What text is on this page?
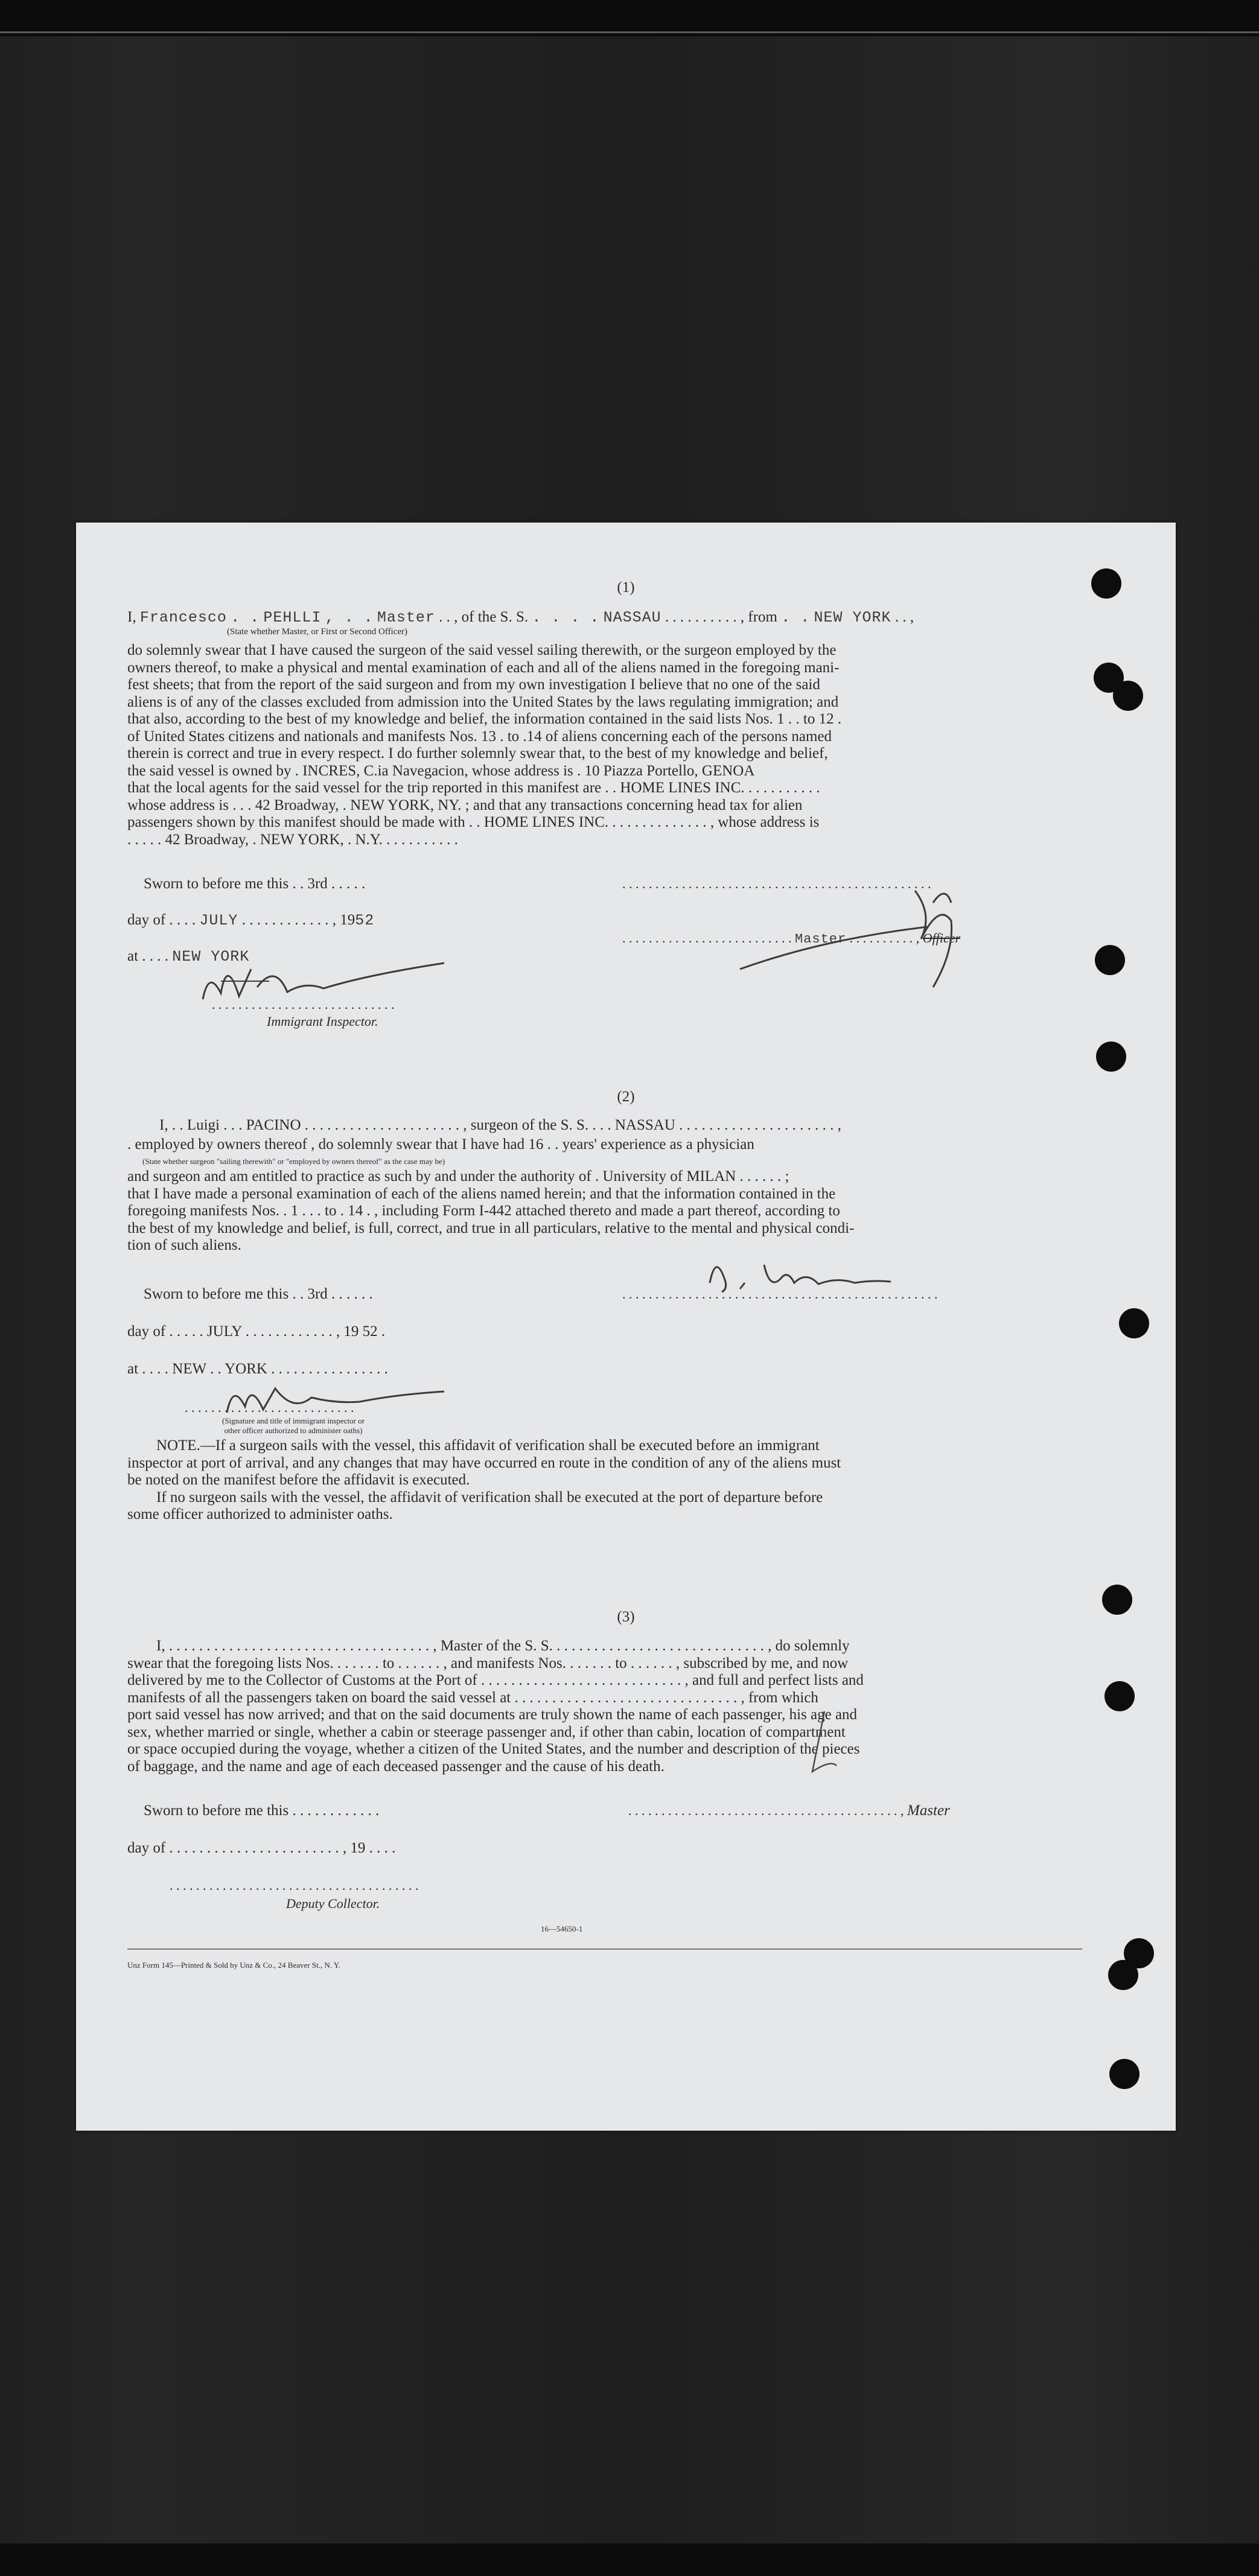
(1)
I, Francesco . . PEHLLI , . . Master . . , of the S. S. . . . . NASSAU . . . . . . . . . . , from . . NEW YORK . . ,
(State whether Master, or First or Second Officer)
do solemnly swear that I have caused the surgeon of the said vessel sailing therewith, or the surgeon employed by the
owners thereof, to make a physical and mental examination of each and all of the aliens named in the foregoing mani-
fest sheets; that from the report of the said surgeon and from my own investigation I believe that no one of the said
aliens is of any of the classes excluded from admission into the United States by the laws regulating immigration; and
that also, according to the best of my knowledge and belief, the information contained in the said lists Nos. 1 . . to 12 .
of United States citizens and nationals and manifests Nos. 13 . to .14 of aliens concerning each of the persons named
therein is correct and true in every respect. I do further solemnly swear that, to the best of my knowledge and belief,
the said vessel is owned by . INCRES, C.ia Navegacion, whose address is . 10 Piazza Portello, GENOA
that the local agents for the said vessel for the trip reported in this manifest are . . HOME LINES INC. . . . . . . . . . .
whose address is . . . 42 Broadway, . NEW YORK, NY. ; and that any transactions concerning head tax for alien
passengers shown by this manifest should be made with . . HOME LINES INC. . . . . . . . . . . . . . , whose address is
. . . . . 42 Broadway, . NEW YORK, . N.Y. . . . . . . . . . .
Sworn to before me this . . 3rd . . . . .	. . . . . . . . . . . . . . . . . . . . . . . . . . . . . . . . . . . . . . . . . . . . . . .
day of . . . . JULY . . . . . . . . . . . . , 1952
. . . . . . . . . . . . . . . . . . . . . . . . . . Master . . . . . . . . . . , Officer
at . . . . NEW YORK
. . . . . . . . . . . . . . . . . . . . . . . . . . . .
Immigrant Inspector.
(2)
I, . . Luigi . . . PACINO . . . . . . . . . . . . . . . . . . . . . , surgeon of the S. S. . . . NASSAU . . . . . . . . . . . . . . . . . . . . . ,
. employed by owners thereof , do solemnly swear that I have had 16 . . years' experience as a physician
(State whether surgeon "sailing therewith" or "employed by owners thereof" as the case may be)
and surgeon and am entitled to practice as such by and under the authority of . University of MILAN . . . . . . ;
that I have made a personal examination of each of the aliens named herein; and that the information contained in the
foregoing manifests Nos. . 1 . . . to . 14 . , including Form I-442 attached thereto and made a part thereof, according to
the best of my knowledge and belief, is full, correct, and true in all particulars, relative to the mental and physical condi-
tion of such aliens.
Sworn to before me this . . 3rd . . . . . .	. . . . . . . . . . . . . . . . . . . . . . . . . . . . . . . . . . . . . . . . . . . . . . . .
day of . . . . . JULY . . . . . . . . . . . . , 19 52 .
at . . . . NEW . . YORK . . . . . . . . . . . . . . . .
. . . . . . . . . . . . . . . . . . . . . . . . . .
(Signature and title of immigrant inspector or
other officer authorized to administer oaths)
NOTE.—If a surgeon sails with the vessel, this affidavit of verification shall be executed before an immigrant
inspector at port of arrival, and any changes that may have occurred en route in the condition of any of the aliens must
be noted on the manifest before the affidavit is executed.
If no surgeon sails with the vessel, the affidavit of verification shall be executed at the port of departure before
some officer authorized to administer oaths.
(3)
I, . . . . . . . . . . . . . . . . . . . . . . . . . . . . . . . . . . . , Master of the S. S. . . . . . . . . . . . . . . . . . . . . . . . . . . . . , do solemnly
swear that the foregoing lists Nos. . . . . . . to . . . . . . , and manifests Nos. . . . . . . to . . . . . . , subscribed by me, and now
delivered by me to the Collector of Customs at the Port of . . . . . . . . . . . . . . . . . . . . . . . . . . . , and full and perfect lists and
manifests of all the passengers taken on board the said vessel at . . . . . . . . . . . . . . . . . . . . . . . . . . . . . . , from which
port said vessel has now arrived; and that on the said documents are truly shown the name of each passenger, his age and
sex, whether married or single, whether a cabin or steerage passenger and, if other than cabin, location of compartment
or space occupied during the voyage, whether a citizen of the United States, and the number and description of the pieces
of baggage, and the name and age of each deceased passenger and the cause of his death.
Sworn to before me this . . . . . . . . . . . .	. . . . . . . . . . . . . . . . . . . . . . . . . . . . . . . . . . . . . . . . . , Master
day of . . . . . . . . . . . . . . . . . . . . . . . , 19 . . . .
. . . . . . . . . . . . . . . . . . . . . . . . . . . . . . . . . . . . . .
Deputy Collector.
16—54650-1
Unz Form 145—Printed & Sold by Unz & Co., 24 Beaver St., N. Y.
